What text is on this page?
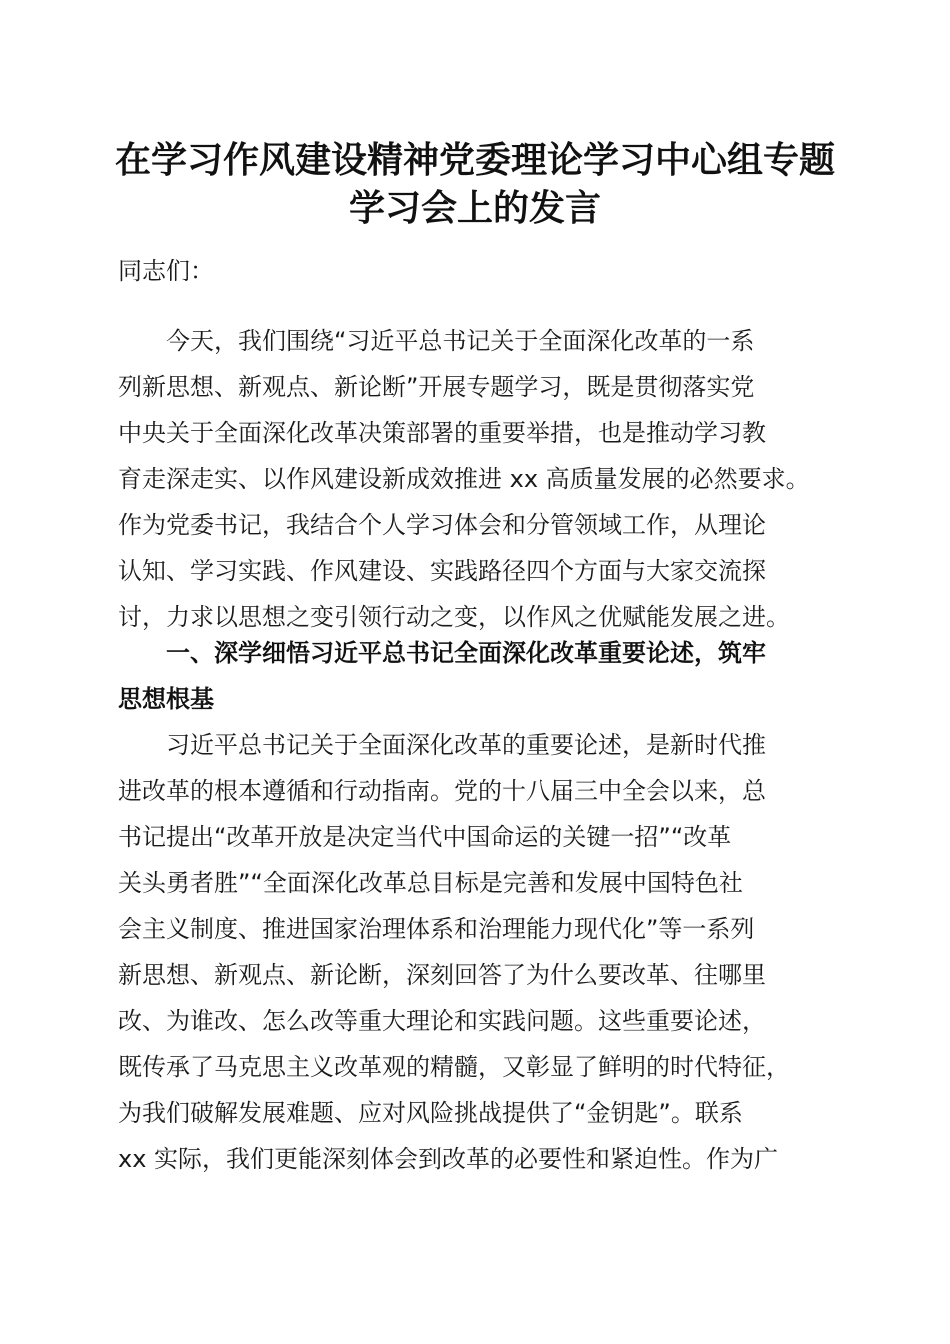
在学习作风建设精神党委理论学习中心组专题
学习会上的发言

同志们：

今天，我们围绕“习近平总书记关于全面深化改革的一系

列新思想、新观点、新论断”开展专题学习，既是贯彻落实党

中央关于全面深化改革决策部署的重要举措，也是推动学习教

育走深走实、以作风建设新成效推进 xx 高质量发展的必然要求。

作为党委书记，我结合个人学习体会和分管领域工作，从理论

认知、学习实践、作风建设、实践路径四个方面与大家交流探

讨，力求以思想之变引领行动之变，以作风之优赋能发展之进。

一、深学细悟习近平总书记全面深化改革重要论述，筑牢

思想根基

习近平总书记关于全面深化改革的重要论述，是新时代推

进改革的根本遵循和行动指南。党的十八届三中全会以来，总

书记提出“改革开放是决定当代中国命运的关键一招”“改革

关头勇者胜”“全面深化改革总目标是完善和发展中国特色社

会主义制度、推进国家治理体系和治理能力现代化”等一系列

新思想、新观点、新论断，深刻回答了为什么要改革、往哪里

改、为谁改、怎么改等重大理论和实践问题。这些重要论述，

既传承了马克思主义改革观的精髓，又彰显了鲜明的时代特征，

为我们破解发展难题、应对风险挑战提供了“金钥匙”。联系

xx 实际，我们更能深刻体会到改革的必要性和紧迫性。作为广
